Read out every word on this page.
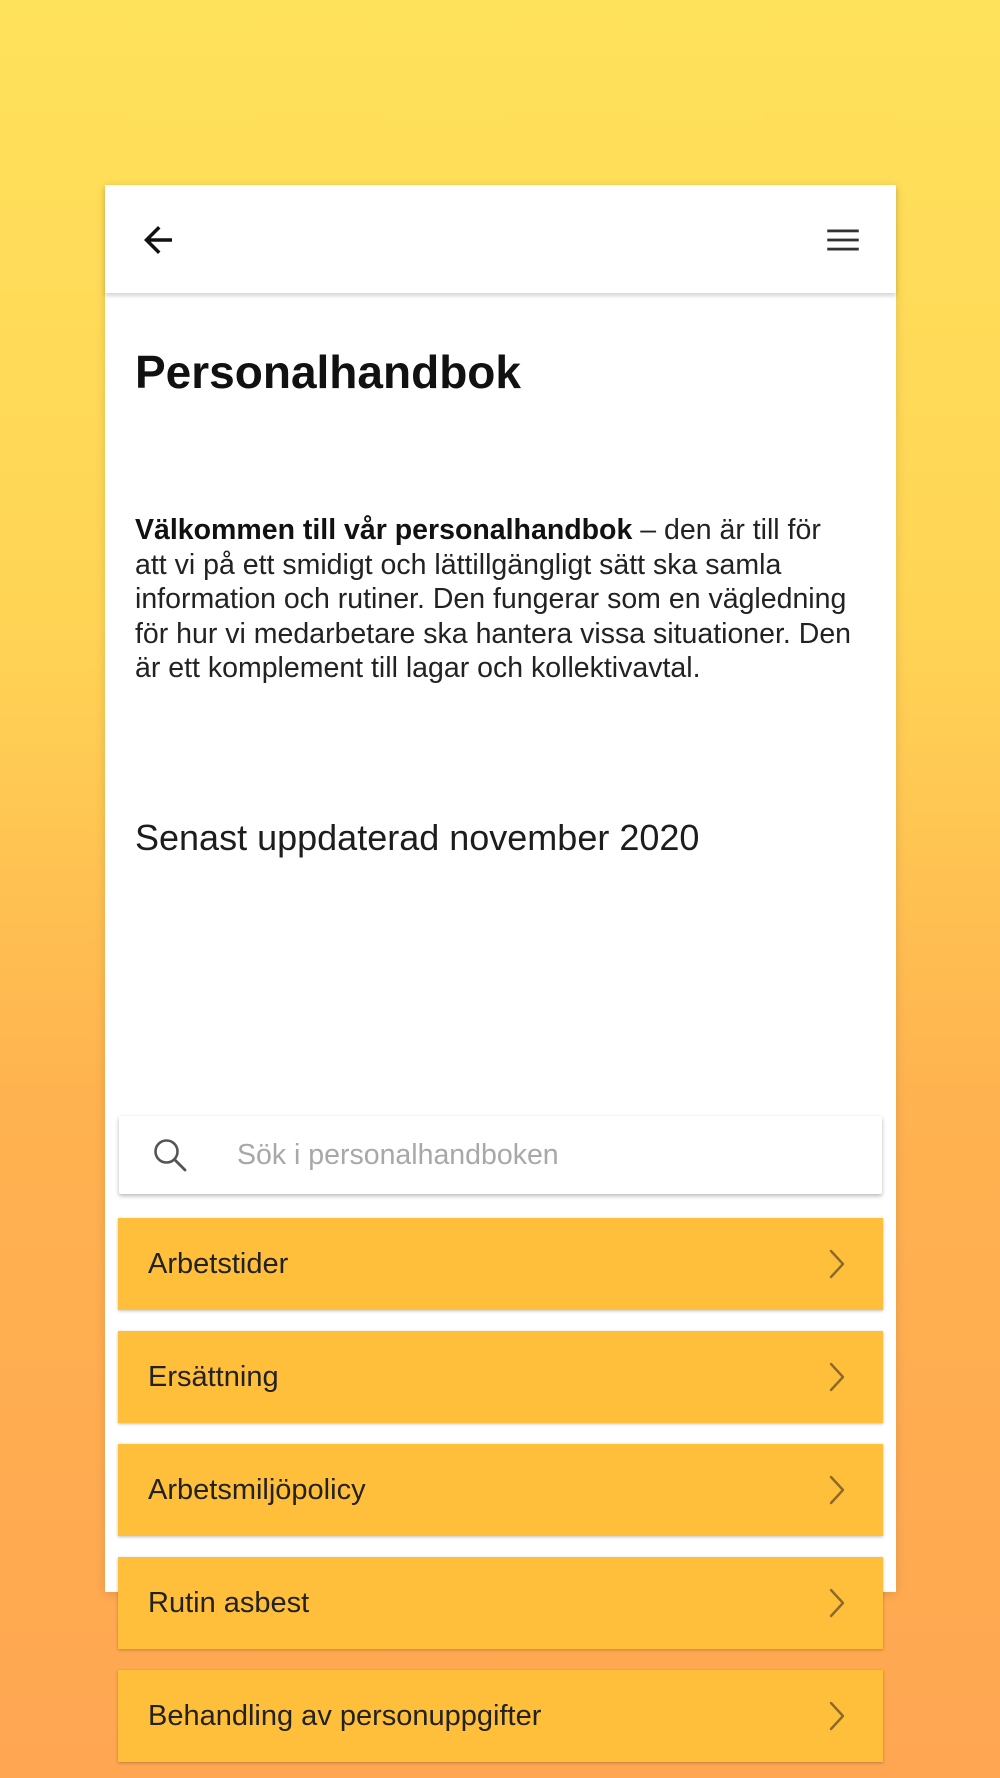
Personalhandbok

Välkommen till vår personalhandbok – den är till för att vi på ett smidigt och lättillgängligt sätt ska samla information och rutiner. Den fungerar som en vägledning för hur vi medarbetare ska hantera vissa situationer. Den är ett komplement till lagar och kollektivavtal.

Senast uppdaterad november 2020
Sök i personalhandboken
Arbetstider
Ersättning
Arbetsmiljöpolicy
Rutin asbest
Behandling av personuppgifter
